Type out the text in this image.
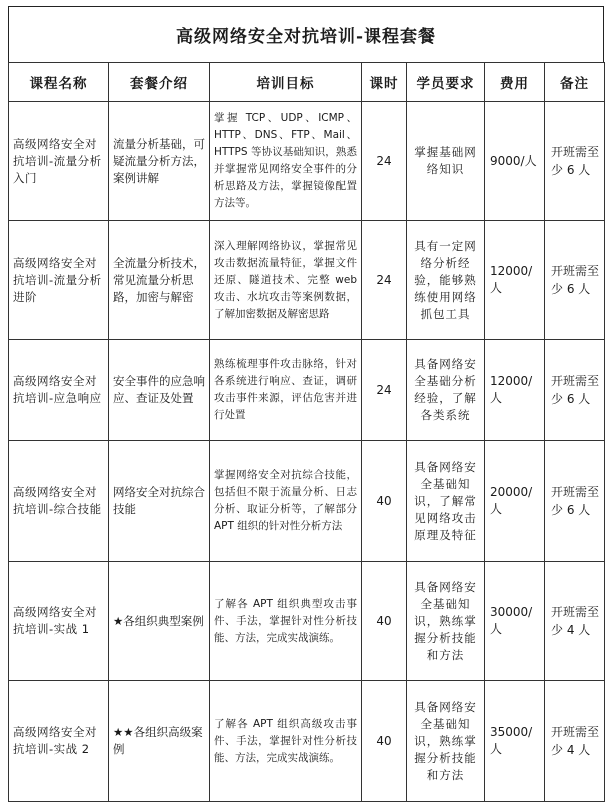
高级网络安全对抗培训-课程套餐
课程名称	套餐介绍	培训目标	课时	学员要求	费用	备注

高级网络安全对抗培训-流量分析入门	流量分析基础，可疑流量分析方法，案例讲解	掌握 TCP、UDP、ICMP、HTTP、DNS、FTP、Mail、HTTPS 等协议基础知识，熟悉并掌握常见网络安全事件的分析思路及方法，掌握镜像配置方法等。	24	掌握基础网络知识	9000/人	开班需至少 6 人

高级网络安全对抗培训-流量分析进阶	全流量分析技术，常见流量分析思路，加密与解密	深入理解网络协议，掌握常见攻击数据流量特征，掌握文件还原、隧道技术、完整 web 攻击、水坑攻击等案例数据，了解加密数据及解密思路	24	具有一定网络分析经验，能够熟练使用网络抓包工具	12000/人	开班需至少 6 人

高级网络安全对抗培训-应急响应	安全事件的应急响应、查证及处置	熟练梳理事件攻击脉络，针对各系统进行响应、查证，调研攻击事件来源，评估危害并进行处置	24	具备网络安全基础分析经验，了解各类系统	12000/人	开班需至少 6 人

高级网络安全对抗培训-综合技能	网络安全对抗综合技能	掌握网络安全对抗综合技能，包括但不限于流量分析、日志分析、取证分析等，了解部分 APT 组织的针对性分析方法	40	具备网络安全基础知识，了解常见网络攻击原理及特征	20000/人	开班需至少 6 人

高级网络安全对抗培训-实战 1	★各组织典型案例	了解各 APT 组织典型攻击事件、手法，掌握针对性分析技能、方法，完成实战演练。	40	具备网络安全基础知识，熟练掌握分析技能和方法	30000/人	开班需至少 4 人

高级网络安全对抗培训-实战 2	★★各组织高级案例	了解各 APT 组织高级攻击事件、手法，掌握针对性分析技能、方法，完成实战演练。	40	具备网络安全基础知识，熟练掌握分析技能和方法	35000/人	开班需至少 4 人
